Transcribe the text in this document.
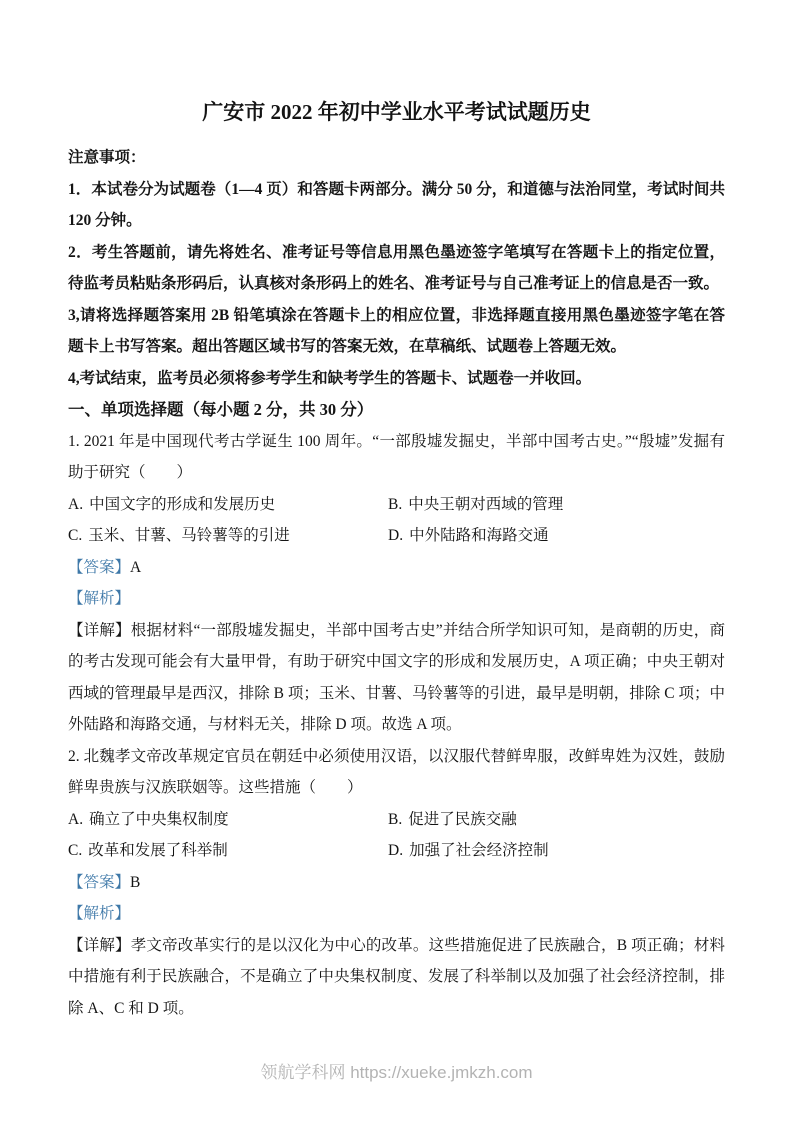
广安市 2022 年初中学业水平考试试题历史

注意事项：

1．本试卷分为试题卷（1—4 页）和答题卡两部分。满分 50 分，和道德与法治同堂，考试时间共 120 分钟。

2．考生答题前，请先将姓名、准考证号等信息用黑色墨迹签字笔填写在答题卡上的指定位置，待监考员粘贴条形码后，认真核对条形码上的姓名、准考证号与自己准考证上的信息是否一致。

3,请将选择题答案用 2B 铅笔填涂在答题卡上的相应位置，非选择题直接用黑色墨迹签字笔在答题卡上书写答案。超出答题区域书写的答案无效，在草稿纸、试题卷上答题无效。

4,考试结束，监考员必须将参考学生和缺考学生的答题卡、试题卷一并收回。

一、单项选择题（每小题 2 分，共 30 分）

1. 2021 年是中国现代考古学诞生 100 周年。“一部殷墟发掘史，半部中国考古史。”“殷墟”发掘有助于研究（　　）

A. 中国文字的形成和发展历史	B. 中央王朝对西域的管理
C. 玉米、甘薯、马铃薯等的引进	D. 中外陆路和海路交通

【答案】A

【解析】

【详解】根据材料“一部殷墟发掘史，半部中国考古史”并结合所学知识可知，是商朝的历史，商的考古发现可能会有大量甲骨，有助于研究中国文字的形成和发展历史，A 项正确；中央王朝对西域的管理最早是西汉，排除 B 项；玉米、甘薯、马铃薯等的引进，最早是明朝，排除 C 项；中外陆路和海路交通，与材料无关，排除 D 项。故选 A 项。

2. 北魏孝文帝改革规定官员在朝廷中必须使用汉语，以汉服代替鲜卑服，改鲜卑姓为汉姓，鼓励鲜卑贵族与汉族联姻等。这些措施（　　）

A. 确立了中央集权制度	B. 促进了民族交融
C. 改革和发展了科举制	D. 加强了社会经济控制

【答案】B

【解析】

【详解】孝文帝改革实行的是以汉化为中心的改革。这些措施促进了民族融合，B 项正确；材料中措施有利于民族融合，不是确立了中央集权制度、发展了科举制以及加强了社会经济控制，排除 A、C 和 D 项。

领航学科网 https://xueke.jmkzh.com
